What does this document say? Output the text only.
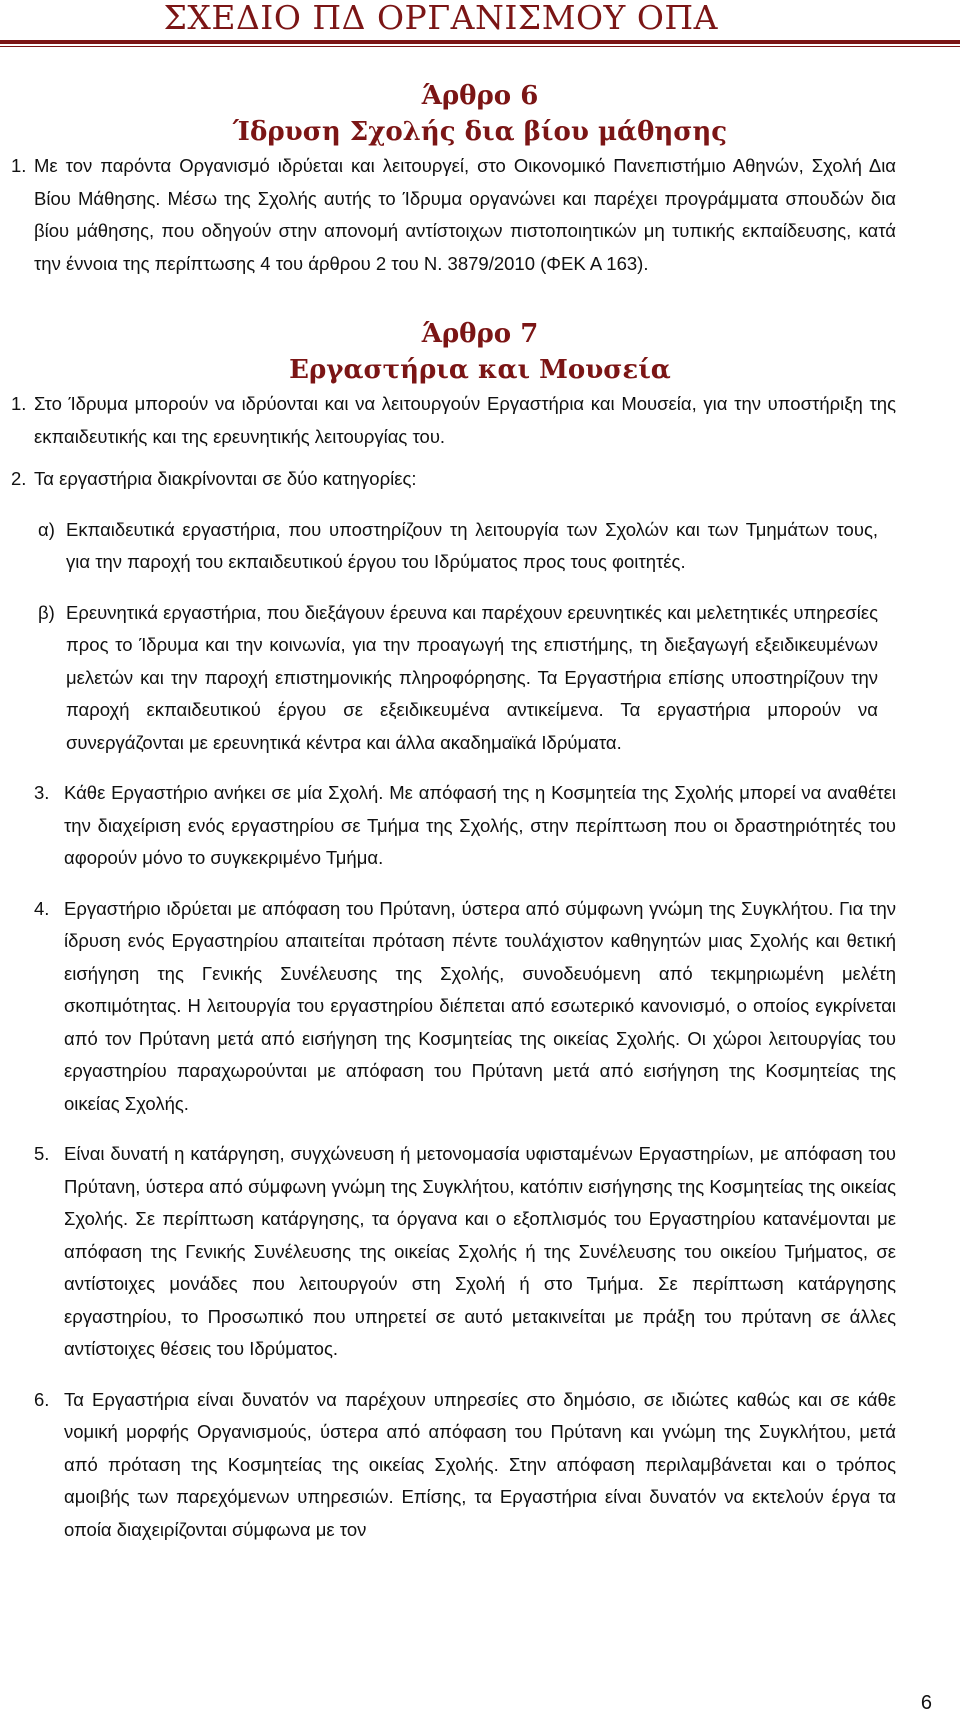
ΣΧΕΔΙΟ ΠΔ ΟΡΓΑΝΙΣΜΟΥ ΟΠΑ
Άρθρο 6
Ίδρυση Σχολής δια βίου μάθησης
1. Με τον παρόντα Οργανισμό ιδρύεται και λειτουργεί, στο Οικονομικό Πανεπιστήμιο Αθηνών, Σχολή Δια Βίου Μάθησης. Μέσω της Σχολής αυτής το Ίδρυμα οργανώνει και παρέχει προγράμματα σπουδών δια βίου μάθησης, που οδηγούν στην απονομή αντίστοιχων πιστοποιητικών μη τυπικής εκπαίδευσης, κατά την έννοια της περίπτωσης 4 του άρθρου 2 του Ν. 3879/2010 (ΦΕΚ Α 163).
Άρθρο 7
Εργαστήρια και Μουσεία
1. Στο Ίδρυμα μπορούν να ιδρύονται και να λειτουργούν Εργαστήρια και Μουσεία, για την υποστήριξη της εκπαιδευτικής και της ερευνητικής λειτουργίας του.
2. Τα εργαστήρια διακρίνονται σε δύο κατηγορίες:
α) Εκπαιδευτικά εργαστήρια, που υποστηρίζουν τη λειτουργία των Σχολών και των Τμημάτων τους, για την παροχή του εκπαιδευτικού έργου του Ιδρύματος προς τους φοιτητές.
β) Ερευνητικά εργαστήρια, που διεξάγουν έρευνα και παρέχουν ερευνητικές και μελετητικές υπηρεσίες προς το Ίδρυμα και την κοινωνία, για την προαγωγή της επιστήμης, τη διεξαγωγή εξειδικευμένων μελετών και την παροχή επιστημονικής πληροφόρησης. Τα Εργαστήρια επίσης υποστηρίζουν την παροχή εκπαιδευτικού έργου σε εξειδικευμένα αντικείμενα. Τα εργαστήρια μπορούν να συνεργάζονται με ερευνητικά κέντρα και άλλα ακαδημαϊκά Ιδρύματα.
3. Κάθε Εργαστήριο ανήκει σε μία Σχολή. Με απόφασή της η Κοσμητεία της Σχολής μπορεί να αναθέτει την διαχείριση ενός εργαστηρίου σε Τμήμα της Σχολής, στην περίπτωση που οι δραστηριότητές του αφορούν μόνο το συγκεκριμένο Τμήμα.
4. Εργαστήριο ιδρύεται με απόφαση του Πρύτανη, ύστερα από σύμφωνη γνώμη της Συγκλήτου. Για την ίδρυση ενός Εργαστηρίου απαιτείται πρόταση πέντε τουλάχιστον καθηγητών μιας Σχολής και θετική εισήγηση της Γενικής Συνέλευσης της Σχολής, συνοδευόμενη από τεκμηριωμένη μελέτη σκοπιμότητας. Η λειτουργία του εργαστηρίου διέπεται από εσωτερικό κανονισμό, ο οποίος εγκρίνεται από τον Πρύτανη μετά από εισήγηση της Κοσμητείας της οικείας Σχολής. Οι χώροι λειτουργίας του εργαστηρίου παραχωρούνται με απόφαση του Πρύτανη μετά από εισήγηση της Κοσμητείας της οικείας Σχολής.
5. Είναι δυνατή η κατάργηση, συγχώνευση ή μετονομασία υφισταμένων Εργαστηρίων, με απόφαση του Πρύτανη, ύστερα από σύμφωνη γνώμη της Συγκλήτου, κατόπιν εισήγησης της Κοσμητείας της οικείας Σχολής. Σε περίπτωση κατάργησης, τα όργανα και ο εξοπλισμός του Εργαστηρίου κατανέμονται με απόφαση της Γενικής Συνέλευσης της οικείας Σχολής ή της Συνέλευσης του οικείου Τμήματος, σε αντίστοιχες μονάδες που λειτουργούν στη Σχολή ή στο Τμήμα. Σε περίπτωση κατάργησης εργαστηρίου, το Προσωπικό που υπηρετεί σε αυτό μετακινείται με πράξη του πρύτανη σε άλλες αντίστοιχες θέσεις του Ιδρύματος.
6. Τα Εργαστήρια είναι δυνατόν να παρέχουν υπηρεσίες στο δημόσιο, σε ιδιώτες καθώς και σε κάθε νομική μορφής Οργανισμούς, ύστερα από απόφαση του Πρύτανη και γνώμη της Συγκλήτου, μετά από πρόταση της Κοσμητείας της οικείας Σχολής. Στην απόφαση περιλαμβάνεται και ο τρόπος αμοιβής των παρεχόμενων υπηρεσιών. Επίσης, τα Εργαστήρια είναι δυνατόν να εκτελούν έργα τα οποία διαχειρίζονται σύμφωνα με τον
6
